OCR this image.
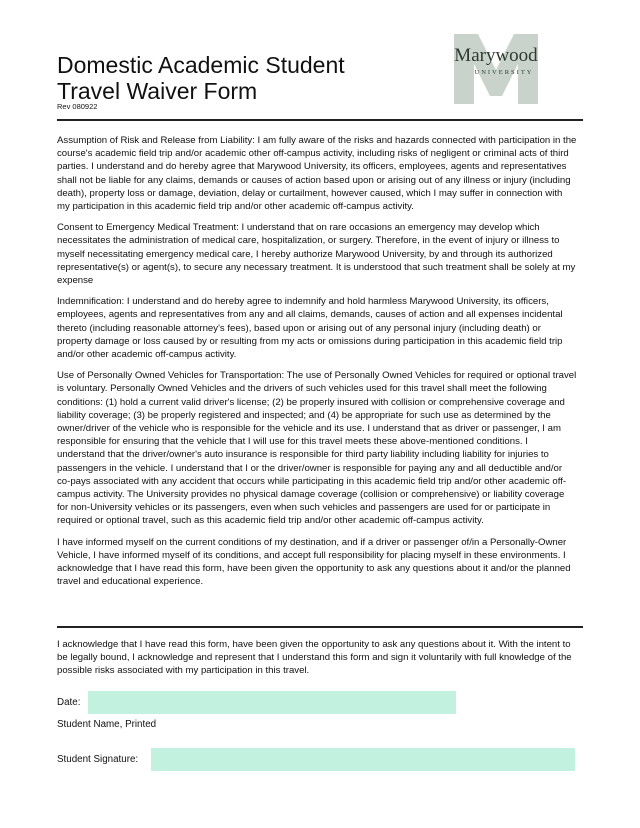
Domestic Academic Student
Travel Waiver Form
Rev 080922
Marywood
UNIVERSITY

Assumption of Risk and Release from Liability: I am fully aware of the risks and hazards connected with participation in the course's academic field trip and/or academic other off-campus activity, including risks of negligent or criminal acts of third parties. I understand and do hereby agree that Marywood University, its officers, employees, agents and representatives shall not be liable for any claims, demands or causes of action based upon or arising out of any illness or injury (including death), property loss or damage, deviation, delay or curtailment, however caused, which I may suffer in connection with my participation in this academic field trip and/or other academic off-campus activity.

Consent to Emergency Medical Treatment: I understand that on rare occasions an emergency may develop which necessitates the administration of medical care, hospitalization, or surgery. Therefore, in the event of injury or illness to myself necessitating emergency medical care, I hereby authorize Marywood University, by and through its authorized representative(s) or agent(s), to secure any necessary treatment. It is understood that such treatment shall be solely at my expense

Indemnification: I understand and do hereby agree to indemnify and hold harmless Marywood University, its officers, employees, agents and representatives from any and all claims, demands, causes of action and all expenses incidental thereto (including reasonable attorney's fees), based upon or arising out of any personal injury (including death) or property damage or loss caused by or resulting from my acts or omissions during participation in this academic field trip and/or other academic off-campus activity.

Use of Personally Owned Vehicles for Transportation: The use of Personally Owned Vehicles for required or optional travel is voluntary. Personally Owned Vehicles and the drivers of such vehicles used for this travel shall meet the following conditions: (1) hold a current valid driver's license; (2) be properly insured with collision or comprehensive coverage and liability coverage; (3) be properly registered and inspected; and (4) be appropriate for such use as determined by the owner/driver of the vehicle who is responsible for the vehicle and its use. I understand that as driver or passenger, I am responsible for ensuring that the vehicle that I will use for this travel meets these above-mentioned conditions. I understand that the driver/owner's auto insurance is responsible for third party liability including liability for injuries to passengers in the vehicle. I understand that I or the driver/owner is responsible for paying any and all deductible and/or co-pays associated with any accident that occurs while participating in this academic field trip and/or other academic off-campus activity. The University provides no physical damage coverage (collision or comprehensive) or liability coverage for non-University vehicles or its passengers, even when such vehicles and passengers are used for or participate in required or optional travel, such as this academic field trip and/or other academic off-campus activity.

I have informed myself on the current conditions of my destination, and if a driver or passenger of/in a Personally-Owner Vehicle, I have informed myself of its conditions, and accept full responsibility for placing myself in these environments. I acknowledge that I have read this form, have been given the opportunity to ask any questions about it and/or the planned travel and educational experience.

I acknowledge that I have read this form, have been given the opportunity to ask any questions about it. With the intent to be legally bound, I acknowledge and represent that I understand this form and sign it voluntarily with full knowledge of the possible risks associated with my participation in this travel.

Date:
Student Name, Printed
Student Signature:
